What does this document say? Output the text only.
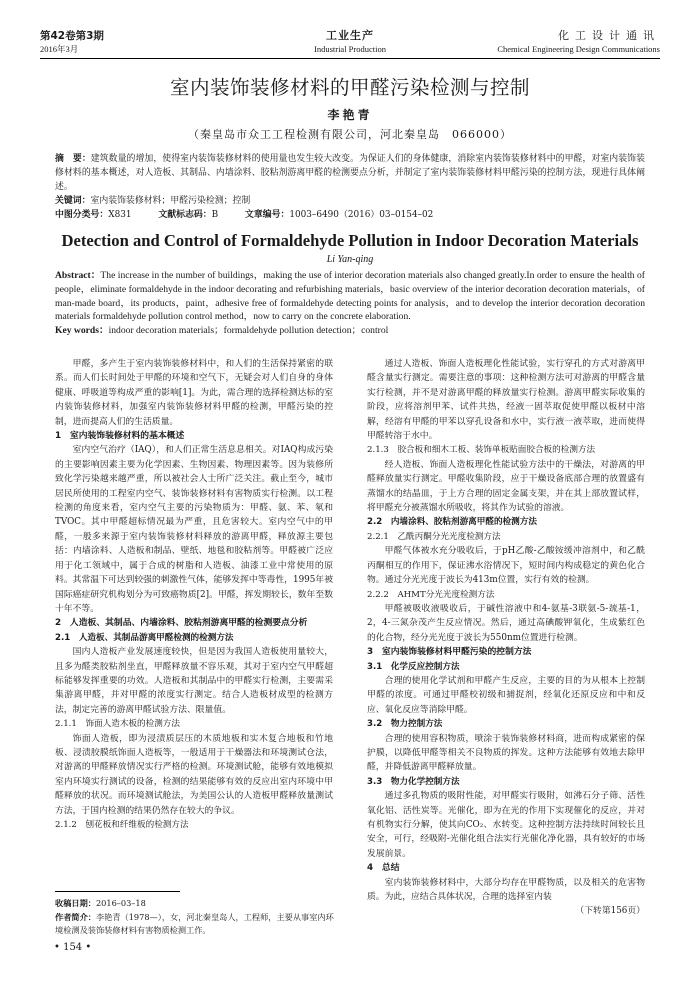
第42卷第3期
2016年3月
工业生产
Industrial Production
化工设计通讯
Chemical Engineering Design Communications
室内装饰装修材料的甲醛污染检测与控制
李艳青
（秦皇岛市众工工程检测有限公司，河北秦皇岛　066000）

摘　要：建筑数量的增加，使得室内装饰装修材料的使用量也发生较大改变。为保证人们的身体健康，消除室内装饰装修材料中的甲醛，对室内装饰装修材料的基本概述，对人造板、其制品、内墙涂料、胶粘剂游离甲醛的检测要点分析，并制定了室内装饰装修材料甲醛污染的控制方法，现进行具体阐述。

关键词：室内装饰装修材料；甲醛污染检测；控制

中图分类号：X831	文献标志码：B	文章编号：1003–6490（2016）03–0154–02

Detection and Control of Formaldehyde Pollution in Indoor Decoration Materials
Li Yan-qing

Abstract：The increase in the number of buildings，making the use of interior decoration materials also changed greatly.In order to ensure the health of people，eliminate formaldehyde in the indoor decorating and refurbishing materials，basic overview of the interior decoration decoration materials，of man-made board，its products，paint，adhesive free of formaldehyde detecting points for analysis，and to develop the interior decoration decoration materials formaldehyde pollution control method，now to carry on the concrete elaboration.

Key words：indoor decoration materials；formaldehyde pollution detection；control

甲醛，多产生于室内装饰装修材料中，和人们的生活保持紧密的联系。而人们长时间处于甲醛的环境和空气下，无疑会对人们自身的身体健康、呼吸道等构成严重的影响[1]。为此，需合理的选择检测达标的室内装饰装修材料，加强室内装饰装修材料甲醛的检测，甲醛污染的控制，进而提高人们的生活质量。

1　室内装饰装修材料的基本概述

室内空气治疗（IAQ），和人们正常生活息息相关。对IAQ构成污染的主要影响因素主要为化学因素、生物因素、物理因素等。因为装修所致化学污染越来越严重，所以被社会人士所广泛关注。截止至今，城市居民所使用的工程室内空气、装饰装修材料有害物质实行检测。以工程检测的角度来看，室内空气主要的污染物质为：甲醛、氨、苯、氡和TVOC。其中甲醛超标情况最为严重，且危害较大。室内空气中的甲醛，一般多来源于室内装饰装修材料释放的游离甲醛，释放源主要包括：内墙涂料、人造板和制品、壁纸、地毯和胶粘剂等。甲醛被广泛应用于化工领域中，属于合成的树脂和人造板、油漆工业中常使用的原料。其常温下可达到较强的刺激性气体，能够发挥中等毒性，1995年被国际癌症研究机构划分为可致癌物质[2]。甲醛，挥发期较长，数年至数十年不等。

2　人造板、其制品、内墙涂料、胶粘剂游离甲醛的检测要点分析
2.1　人造板、其制品游离甲醛检测的检测方法

国内人造板产业发展速度较快，但是因为我国人造板使用量较大，且多为醛类胶粘剂坐直，甲醛释放量不容乐观，其对于室内空气甲醛超标能够发挥重要的功效。人造板和其制品中的甲醛实行检测，主要需采集游离甲醛，并对甲醛的浓度实行测定。结合人造板材成型的检测方法，制定完善的游离甲醛试验方法、限量值。

2.1.1　饰面人造木板的检测方法

饰面人造板，即为浸渍质层压的木质地板和实木复合地板和竹地板、浸渍胶膜纸饰面人造板等，一般适用于干燥器法和环境测试仓法，对游离的甲醛释放情况实行严格的检测。环境测试舱，能够有效地模拟室内环境实行测试的设备，检测的结果能够有效的反应出室内环境中甲醛释放的状况。而环境测试舱法，为美国公认的人造板甲醛释放量测试方法，于国内检测的结果仍然存在较大的争议。

2.1.2　刨花板和纤维板的检测方法

通过人造板、饰面人造板理化性能试验，实行穿孔的方式对游离甲醛含量实行测定。需要注意的事项：这种检测方法可对游离的甲醛含量实行检测，并不是对游离甲醛的释放量实行检测。游离甲醛实际收集的阶段，应将溶剂甲苯、试件共热，经液一固萃取促使甲醛以板材中溶解，经溶有甲醛的甲苯以穿孔设备和水中，实行液一液萃取，进而使得甲醛转溶于水中。

2.1.3　胶合板和细木工板、装饰单板贴面胶合板的检测方法

经人造板、饰面人造板理化性能试验方法中的干燥法，对游离的甲醛释放量实行测定。甲醛收集阶段，应于干燥设备底部合理的放置盛有蒸馏水的结晶皿，于上方合理的固定金属支架，并在其上部放置试样，将甲醛充分被蒸馏水所吸收，将其作为试验的溶液。

2.2　内墙涂料、胶粘剂游离甲醛的检测方法
2.2.1　乙酰丙酮分光光度检测方法

甲醛气体被水充分吸收后，于pH乙酸-乙酸铵缓冲溶剂中，和乙酰丙酮相互的作用下，保证沸水浴情况下，短时间内构成稳定的黄色化合物。通过分光光度于波长为413m位置，实行有效的检测。

2.2.2　AHMT分光光度检测方法

甲醛被吸收液吸收后，于碱性溶液中和4-氨基-3联氨-5-巯基-1，2，4-三氮杂茂产生反应情况。然后，通过高碘酸钾氧化，生成紫红色的化合物，经分光光度于波长为550nm位置进行检测。

3　室内装饰装修材料甲醛污染的控制方法
3.1　化学反应控制方法

合理的使用化学试剂和甲醛产生反应，主要的目的为从根本上控制甲醛的浓度。可通过甲醛校初级和捕捉剂，经氧化还原反应和中和反应、氧化反应等消除甲醛。

3.2　物力控制方法

合理的使用容积物质，喷涂于装饰装修材料商，进而构成紧密的保护膜，以降低甲醛等相关不良物质的挥发。这种方法能够有效地去除甲醛，并降低游离甲醛释放量。

3.3　物力化学控制方法

通过多孔物质的吸附性能，对甲醛实行吸附，如沸石分子筛、活性氧化铝、活性炭等。光催化，即为在光的作用下实现催化的反应，并对有机物实行分解，使其向CO₂、水转变。这种控制方法持续时间较长且安全，可行，经吸附-光催化组合法实行光催化净化器，具有较好的市场发展前景。

4　总结

室内装饰装修材料中，大部分均存在甲醛物质，以及相关的危害物质。为此，应结合具体状况，合理的选择室内装

（下转第156页）

收稿日期：2016–03–18

作者简介：李艳青（1978—），女，河北秦皇岛人，工程师，主要从事室内环境检测及装饰装修材料有害物质检测工作。

• 154 •
